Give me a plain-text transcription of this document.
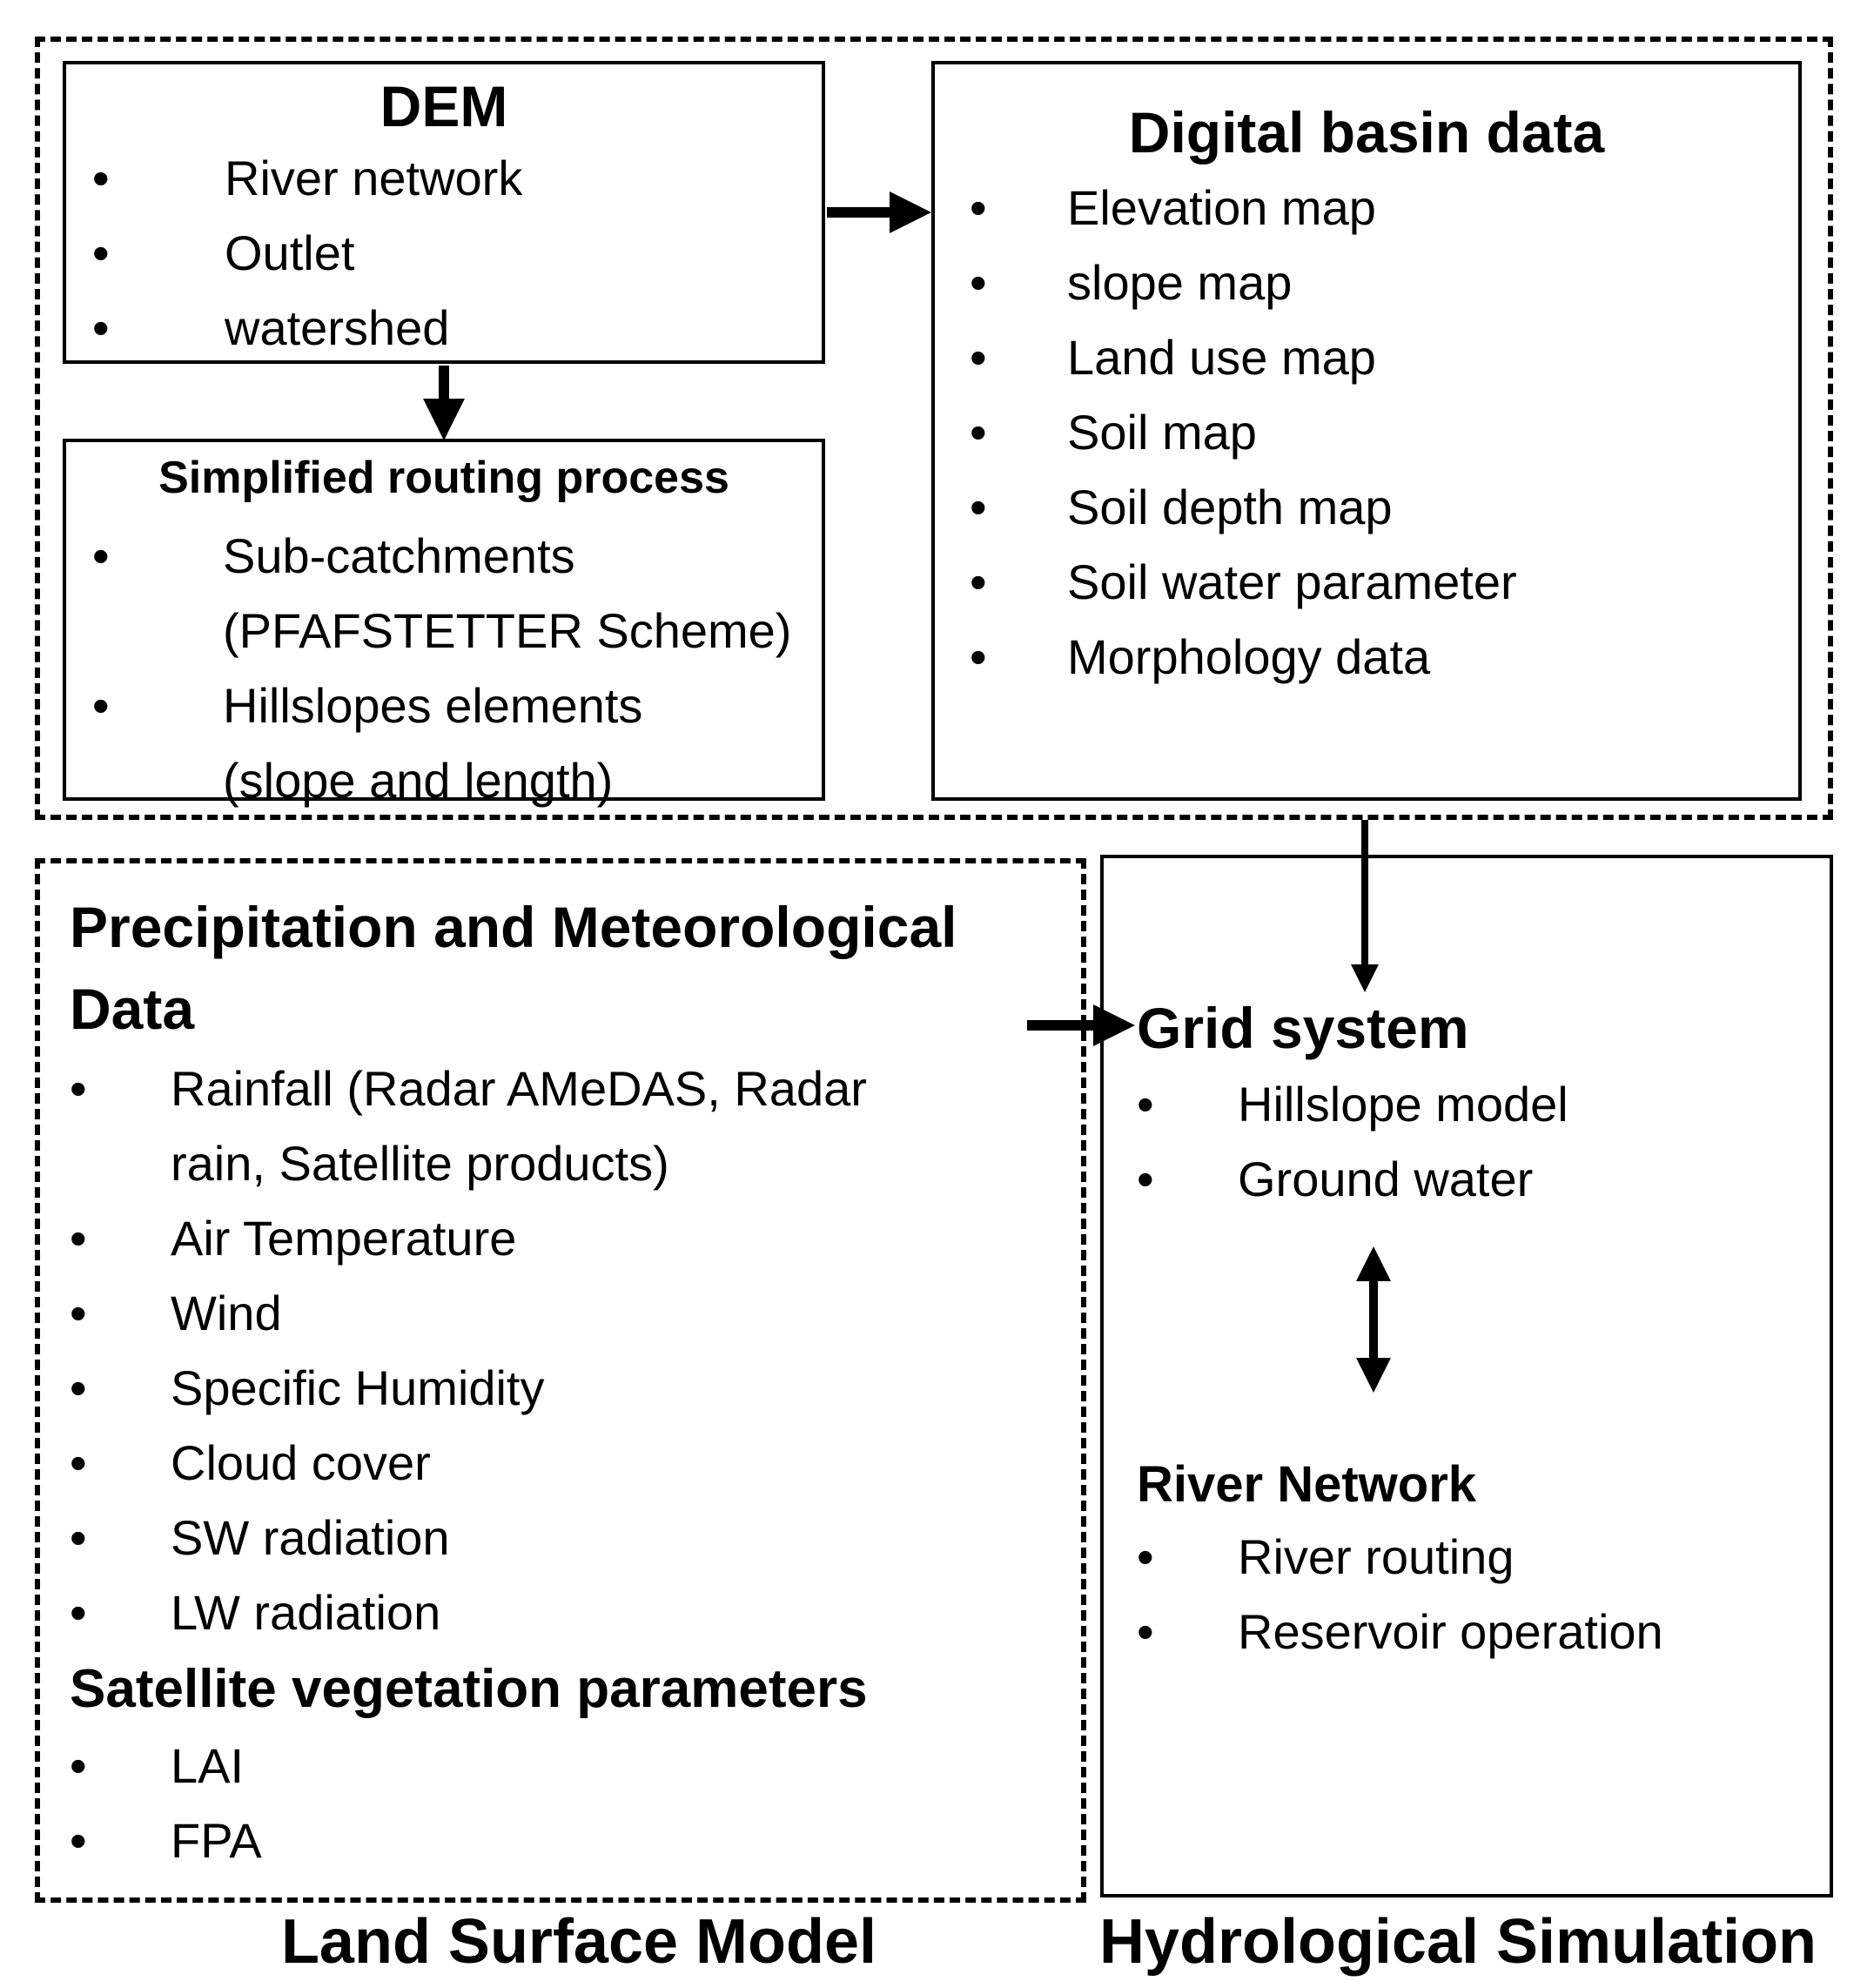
DEM
• River network
• Outlet
• watershed
Simplified routing process
• Sub-catchments
(PFAFSTETTER Scheme)
• Hillslopes elements
(slope and length)
Digital basin data
• Elevation map
• slope map
• Land use map
• Soil map
• Soil depth map
• Soil water parameter
• Morphology data
Precipitation and Meteorological
Data
• Rainfall (Radar AMeDAS, Radar
rain, Satellite products)
• Air Temperature
• Wind
• Specific Humidity
• Cloud cover
• SW radiation
• LW radiation
Satellite vegetation parameters
• LAI
• FPA
Grid system
• Hillslope model
• Ground water
River Network
• River routing
• Reservoir operation
Land Surface Model	Hydrological Simulation
